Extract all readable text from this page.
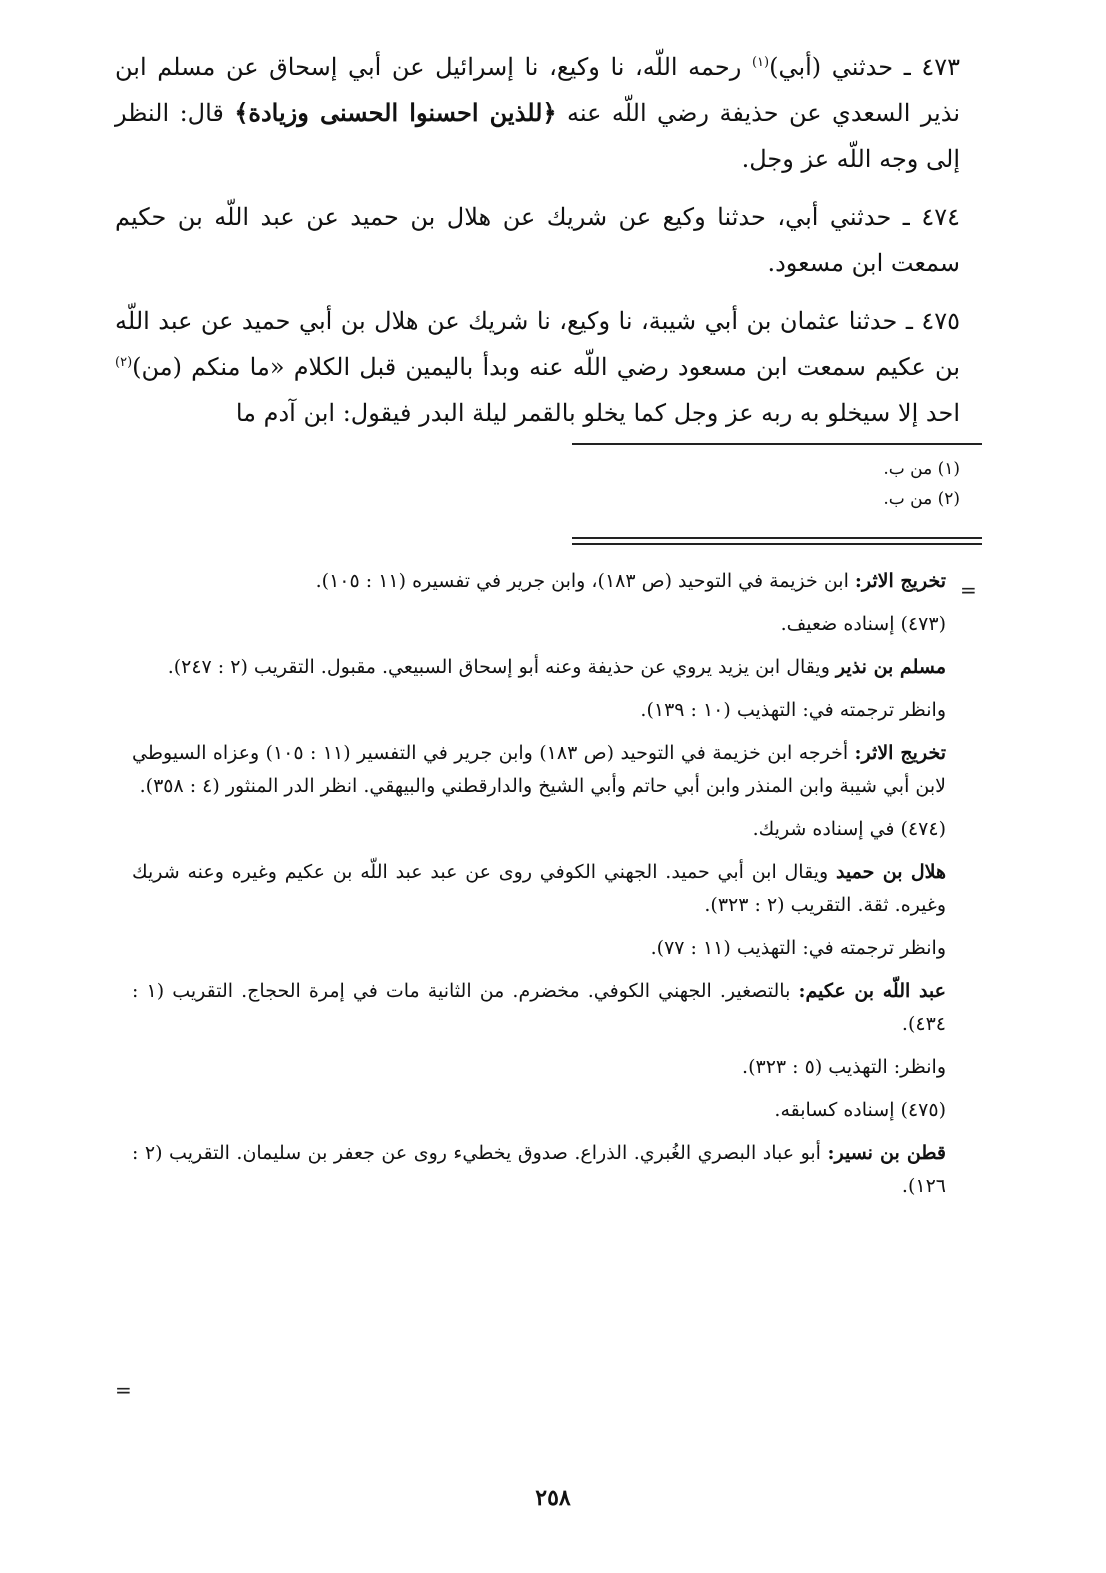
٤٧٣ ـ حدثني (أبي)$^{(١)}$ رحمه اللّه، نا وكيع، نا إسرائيل عن أبي إسحاق عن مسلم ابن نذير السعدي عن حذيفة رضي اللّه عنه ﴿للذين احسنوا الحسنى وزيادة﴾ قال: النظر إلى وجه اللّه عز وجل.

٤٧٤ ـ حدثني أبي، حدثنا وكيع عن شريك عن هلال بن حميد عن عبد اللّه بن حكيم سمعت ابن مسعود.

٤٧٥ ـ حدثنا عثمان بن أبي شيبة، نا وكيع، نا شريك عن هلال بن أبي حميد عن عبد اللّه بن عكيم سمعت ابن مسعود رضي اللّه عنه وبدأ باليمين قبل الكلام «ما منكم (من)$^{(٢)}$ احد إلا سيخلو به ربه عز وجل كما يخلو بالقمر ليلة البدر فيقول: ابن آدم ما

(١) من ب.
(٢) من ب.
=

تخريج الاثر: ابن خزيمة في التوحيد (ص ١٨٣)، وابن جرير في تفسيره (١١ : ١٠٥).

(٤٧٣) إسناده ضعيف.

مسلم بن نذير ويقال ابن يزيد يروي عن حذيفة وعنه أبو إسحاق السبيعي. مقبول. التقريب (٢ : ٢٤٧).

وانظر ترجمته في: التهذيب (١٠ : ١٣٩).

تخريج الاثر: أخرجه ابن خزيمة في التوحيد (ص ١٨٣) وابن جرير في التفسير (١١ : ١٠٥) وعزاه السيوطي لابن أبي شيبة وابن المنذر وابن أبي حاتم وأبي الشيخ والدارقطني والبيهقي. انظر الدر المنثور (٤ : ٣٥٨).

(٤٧٤) في إسناده شريك.

هلال بن حميد ويقال ابن أبي حميد. الجهني الكوفي روى عن عبد عبد اللّه بن عكيم وغيره وعنه شريك وغيره. ثقة. التقريب (٢ : ٣٢٣).

وانظر ترجمته في: التهذيب (١١ : ٧٧).

عبد اللّه بن عكيم: بالتصغير. الجهني الكوفي. مخضرم. من الثانية مات في إمرة الحجاج. التقريب (١ : ٤٣٤).

وانظر: التهذيب (٥ : ٣٢٣).

(٤٧٥) إسناده كسابقه.

قطن بن نسير: أبو عباد البصري الغُبري. الذراع. صدوق يخطيء روى عن جعفر بن سليمان. التقريب (٢ : ١٢٦).

=
٢٥٨
